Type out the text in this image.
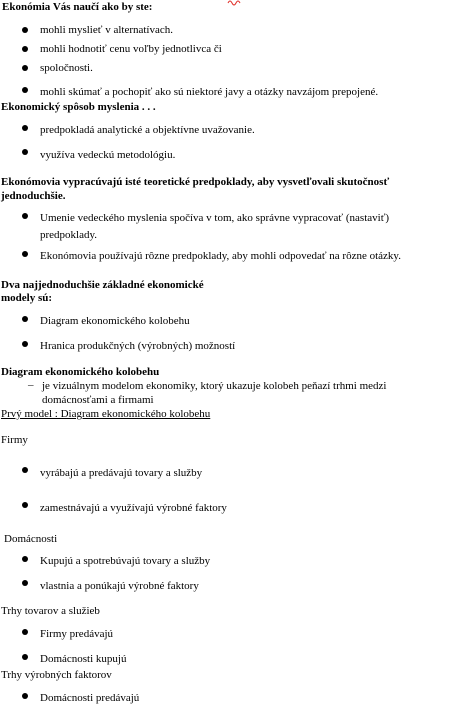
Ekonómia Vás naučí ako by ste:
mohli myslieť v alternatívach.
mohli hodnotiť cenu voľby jednotlivca či
spoločnosti.
mohli skúmať a pochopiť ako sú niektoré javy a otázky navzájom prepojené.
Ekonomický spôsob myslenia . . .
predpokladá analytické a objektívne uvažovanie.
využíva vedeckú metodológiu.
Ekonómovia vypracúvajú isté teoretické predpoklady, aby vysvetľovali skutočnosť
jednoduchšie.
Umenie vedeckého myslenia spočíva v tom, ako správne vypracovať (nastaviť)
predpoklady.
Ekonómovia používajú rôzne predpoklady, aby mohli odpovedať na rôzne otázky.
Dva najjednoduchšie základné ekonomické
modely sú:
Diagram ekonomického kolobehu
Hranica produkčných (výrobných) možností
Diagram ekonomického kolobehu
– je vizuálnym modelom ekonomiky, ktorý ukazuje kolobeh peňazí trhmi medzi
domácnosťami a firmami
Prvý model : Diagram ekonomického kolobehu
Firmy
vyrábajú a predávajú tovary a služby
zamestnávajú a využívajú výrobné faktory
Domácnosti
Kupujú a spotrebúvajú tovary a služby
vlastnia a ponúkajú výrobné faktory
Trhy tovarov a služieb
Firmy predávajú
Domácnosti kupujú
Trhy výrobných faktorov
Domácnosti predávajú
